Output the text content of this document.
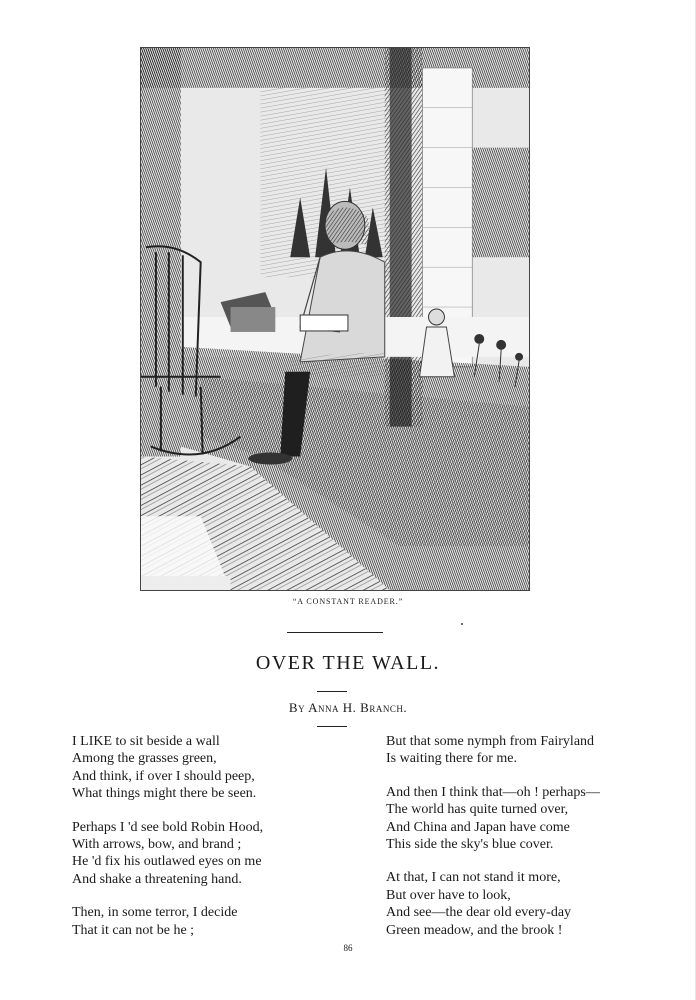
“A CONSTANT READER.”
OVER THE WALL.
By Anna H. Branch.
I LIKE to sit beside a wall
Among the grasses green,
And think, if over I should peep,
What things might there be seen.
Perhaps I 'd see bold Robin Hood,
With arrows, bow, and brand ;
He 'd fix his outlawed eyes on me
And shake a threatening hand.
Then, in some terror, I decide
That it can not be he ;
But that some nymph from Fairyland
Is waiting there for me.
And then I think that—oh ! perhaps—
The world has quite turned over,
And China and Japan have come
This side the sky's blue cover.
At that, I can not stand it more,
But over have to look,
And see—the dear old every-day
Green meadow, and the brook !
86
